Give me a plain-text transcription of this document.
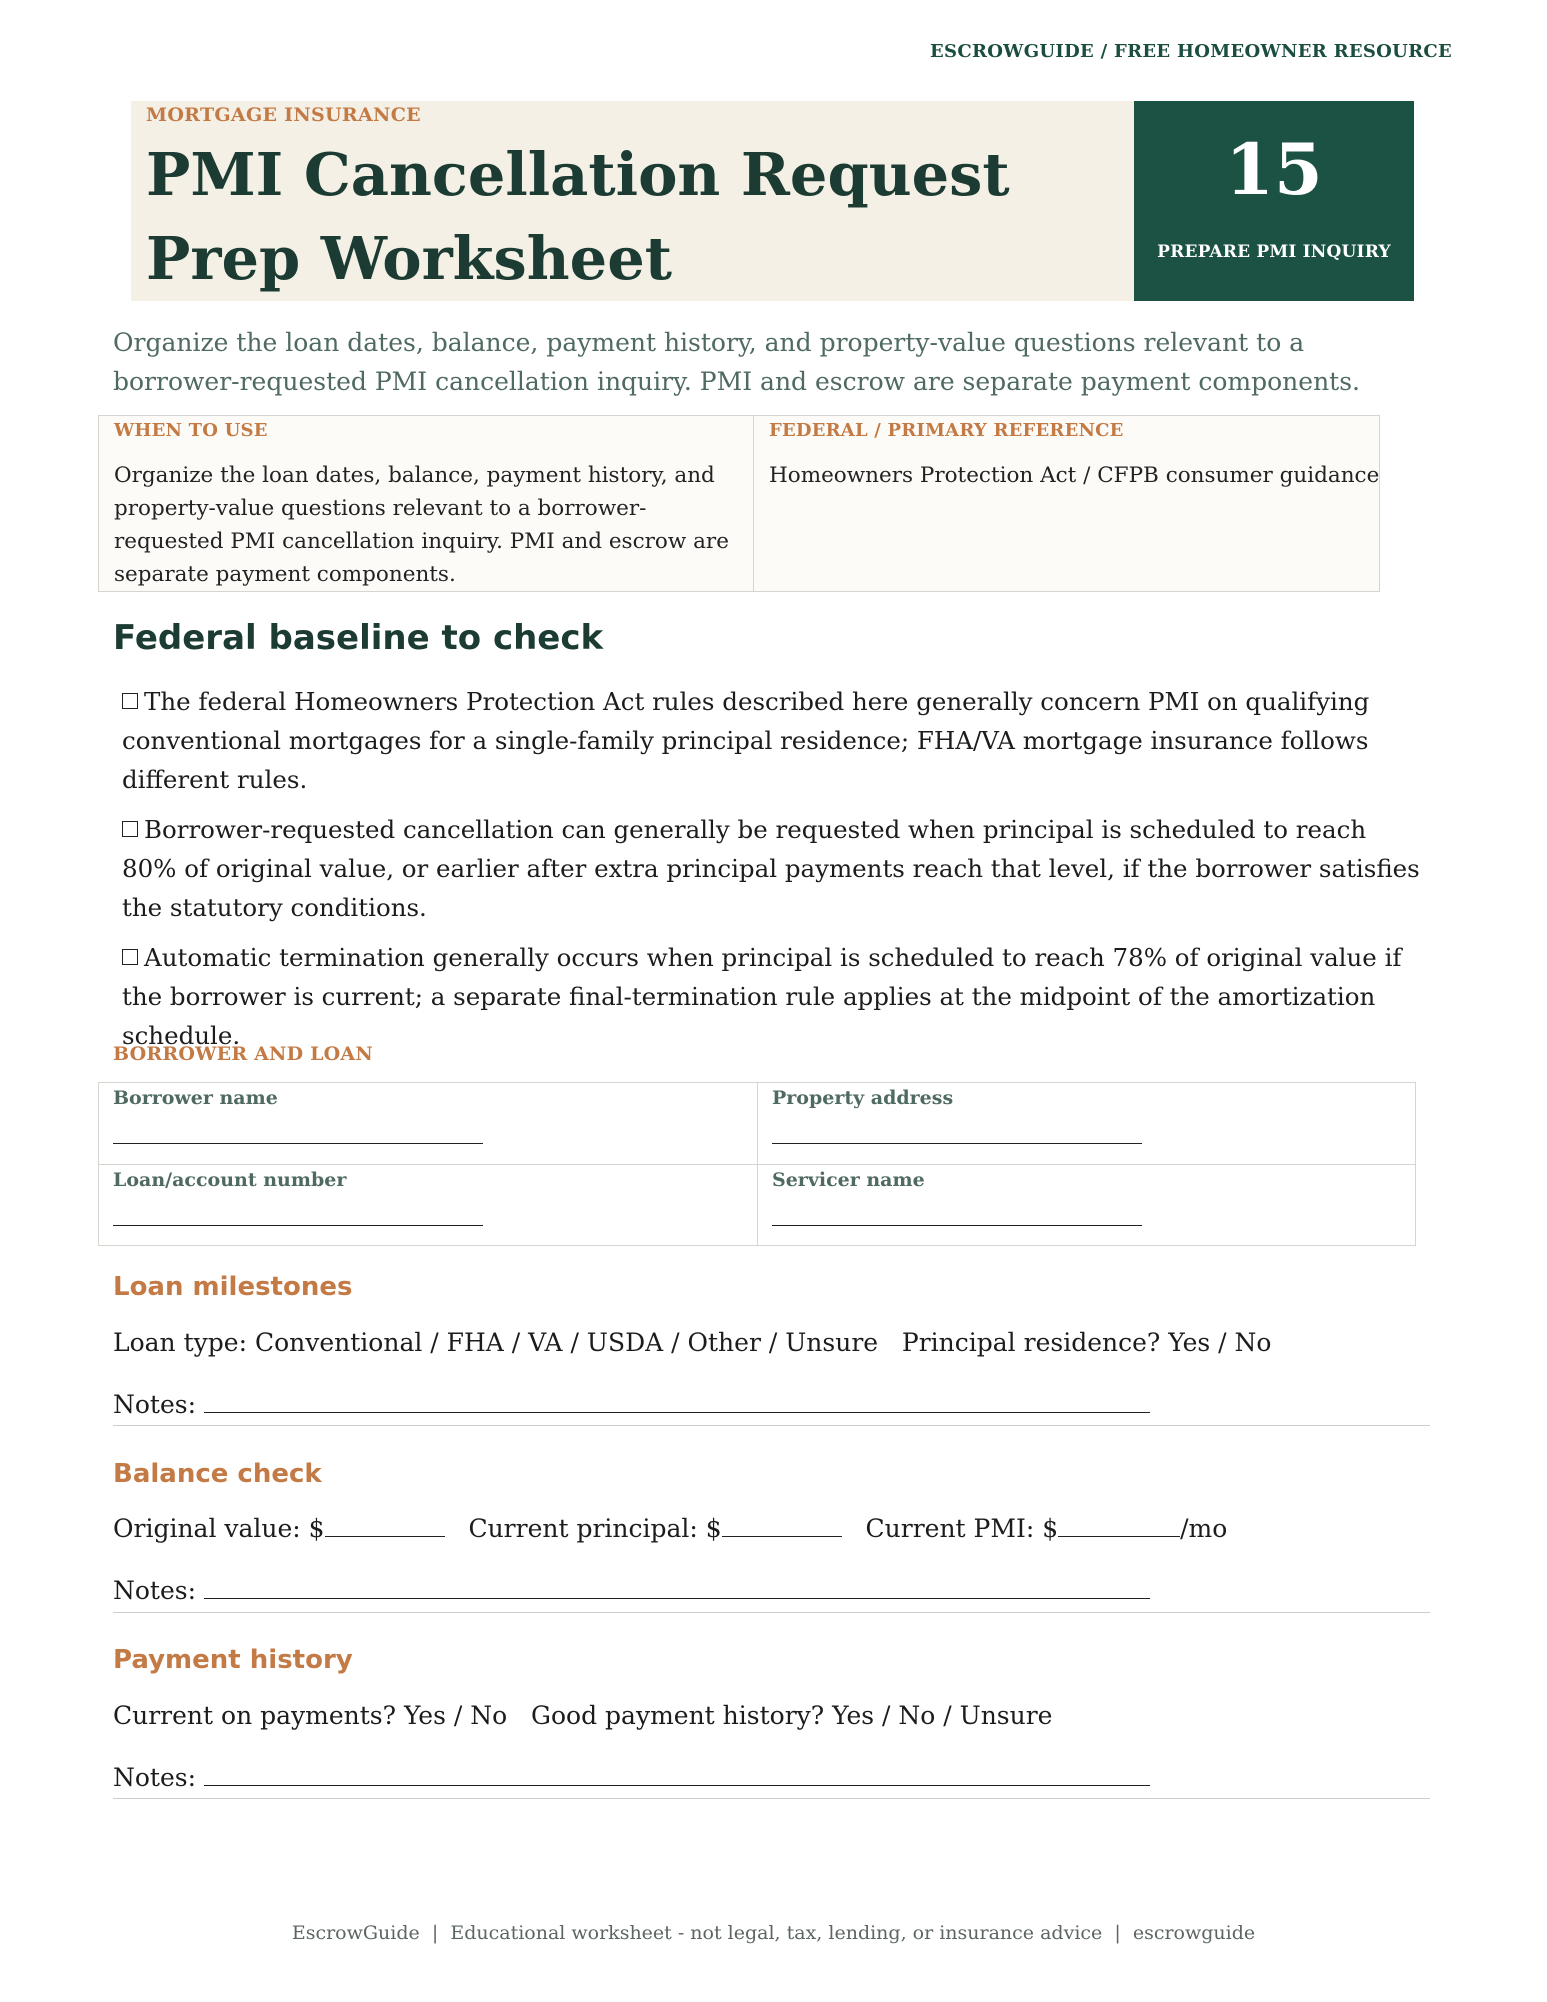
ESCROWGUIDE / FREE HOMEOWNER RESOURCE
MORTGAGE INSURANCE
PMI Cancellation Request Prep Worksheet
15
PREPARE PMI INQUIRY
Organize the loan dates, balance, payment history, and property-value questions relevant to a borrower-requested PMI cancellation inquiry. PMI and escrow are separate payment components.
WHEN TO USE
Organize the loan dates, balance, payment history, and property-value questions relevant to a borrower-requested PMI cancellation inquiry. PMI and escrow are separate payment components.
FEDERAL / PRIMARY REFERENCE
Homeowners Protection Act / CFPB consumer guidance
Federal baseline to check
The federal Homeowners Protection Act rules described here generally concern PMI on qualifying conventional mortgages for a single-family principal residence; FHA/VA mortgage insurance follows different rules.
Borrower-requested cancellation can generally be requested when principal is scheduled to reach 80% of original value, or earlier after extra principal payments reach that level, if the borrower satisfies the statutory conditions.
Automatic termination generally occurs when principal is scheduled to reach 78% of original value if the borrower is current; a separate final-termination rule applies at the midpoint of the amortization schedule.
BORROWER AND LOAN
Borrower name	Property address
Loan/account number	Servicer name
Loan milestones
Loan type: Conventional / FHA / VA / USDA / Other / Unsure   Principal residence? Yes / No
Notes:
Balance check
Original value: $	Current principal: $	Current PMI: $	/mo
Notes:
Payment history
Current on payments? Yes / No   Good payment history? Yes / No / Unsure
Notes:
EscrowGuide  |  Educational worksheet - not legal, tax, lending, or insurance advice  |  escrowguide
